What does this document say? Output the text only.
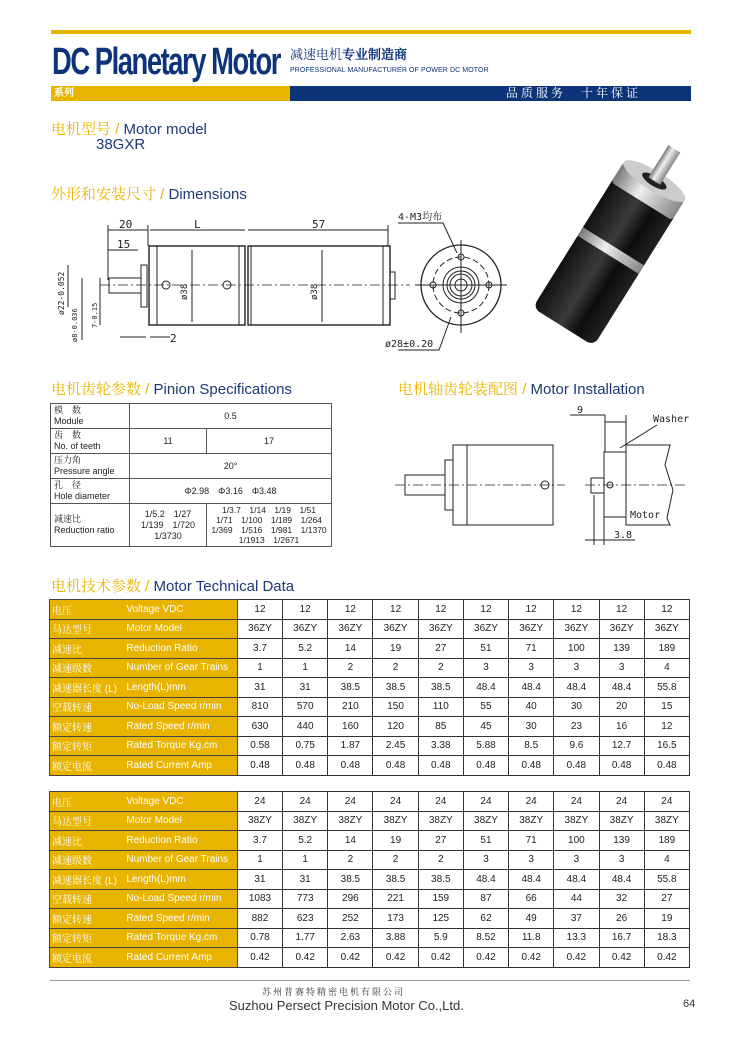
DC Planetary Motor 减速电机专业制造商
PROFESSIONAL MANUFACTURER OF POWER DC MOTOR
系列	品质服务　十年保证
电机型号 / Motor model
38GXR
外形和安装尺寸 / Dimensions
20
15
L	57
2
ø38	ø38
ø22-0.052
ø8-0.036 7-0.15
4-M3均布
ø28±0.20
电机齿轮参数 / Pinion Specifications
模　数
Module	0.5	
齿　数
No. of teeth	11	17
压力角
Pressure angle	20°	
孔　径
Hole diameter	Φ2.98　Φ3.16　Φ3.48	
减速比
Reduction ratio	1/5.2　1/27
1/139　1/720
1/3730	1/3.7　1/14　1/19　1/51
1/71　1/100　1/189　1/264
1/369　1/516　1/981　1/1370
1/1913　1/2671
电机轴齿轮装配图 / Motor Installation
9
Washer
Motor
3.8
电机技术参数 / Motor Technical Data
电压	Voltage VDC	12	12	12	12	12	12	12	12	12	12
马达型号	Motor Model	36ZY	36ZY	36ZY	36ZY	36ZY	36ZY	36ZY	36ZY	36ZY	36ZY
减速比	Reduction Ratio	3.7	5.2	14	19	27	51	71	100	139	189
减速级数	Number of Gear Trains	1	1	2	2	2	3	3	3	3	4
减速器长度 (L)	Length(L)mm	31	31	38.5	38.5	38.5	48.4	48.4	48.4	48.4	55.8
空载转速	No-Load Speed r/min	810	570	210	150	110	55	40	30	20	15
额定转速	Rated Speed r/min	630	440	160	120	85	45	30	23	16	12
额定转矩	Rated Torque Kg.cm	0.58	0.75	1.87	2.45	3.38	5.88	8.5	9.6	12.7	16.5
额定电流	Rated Current Amp	0.48	0.48	0.48	0.48	0.48	0.48	0.48	0.48	0.48	0.48
电压	Voltage VDC	24	24	24	24	24	24	24	24	24	24
马达型号	Motor Model	38ZY	38ZY	38ZY	38ZY	38ZY	38ZY	38ZY	38ZY	38ZY	38ZY
减速比	Reduction Ratio	3.7	5.2	14	19	27	51	71	100	139	189
减速级数	Number of Gear Trains	1	1	2	2	2	3	3	3	3	4
减速器长度 (L)	Length(L)mm	31	31	38.5	38.5	38.5	48.4	48.4	48.4	48.4	55.8
空载转速	No-Load Speed r/min	1083	773	296	221	159	87	66	44	32	27
额定转速	Rated Speed r/min	882	623	252	173	125	62	49	37	26	19
额定转矩	Rated Torque Kg.cm	0.78	1.77	2.63	3.88	5.9	8.52	11.8	13.3	16.7	18.3
额定电流	Rated Current Amp	0.42	0.42	0.42	0.42	0.42	0.42	0.42	0.42	0.42	0.42
苏州普赛特精密电机有限公司
Suzhou Persect Precision Motor Co.,Ltd.	64
